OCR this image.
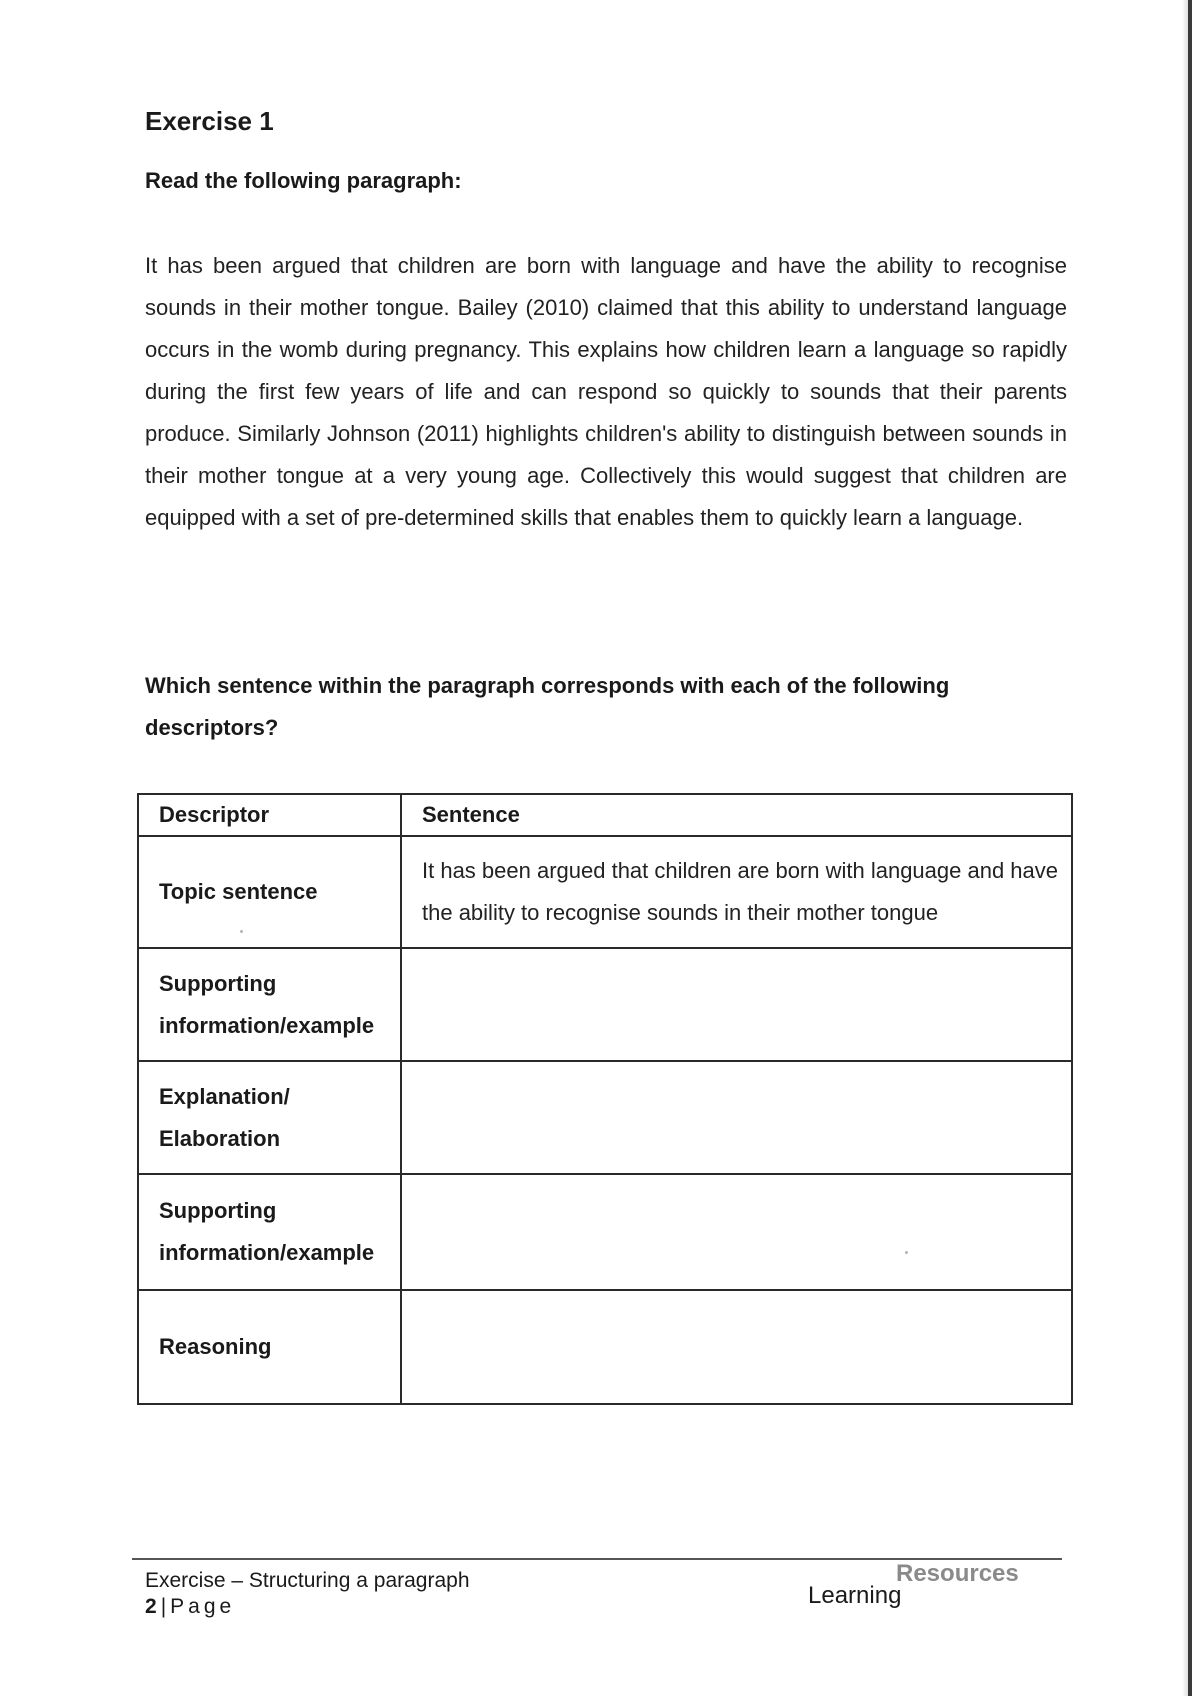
Exercise 1
Read the following paragraph:

It has been argued that children are born with language and have the ability to recognise sounds in their mother tongue. Bailey (2010) claimed that this ability to understand language occurs in the womb during pregnancy. This explains how children learn a language so rapidly during the first few years of life and can respond so quickly to sounds that their parents produce. Similarly Johnson (2011) highlights children's ability to distinguish between sounds in their mother tongue at a very young age. Collectively this would suggest that children are equipped with a set of pre-determined skills that enables them to quickly learn a language.

Which sentence within the paragraph corresponds with each of the following descriptors?

Descriptor	Sentence
Topic sentence	It has been argued that children are born with language and have the ability to recognise sounds in their mother tongue

Supporting
information/example	

Explanation/
Elaboration	

Supporting
information/example	

Reasoning	
Exercise – Structuring a paragraph
2|Page
Resources
Learning
